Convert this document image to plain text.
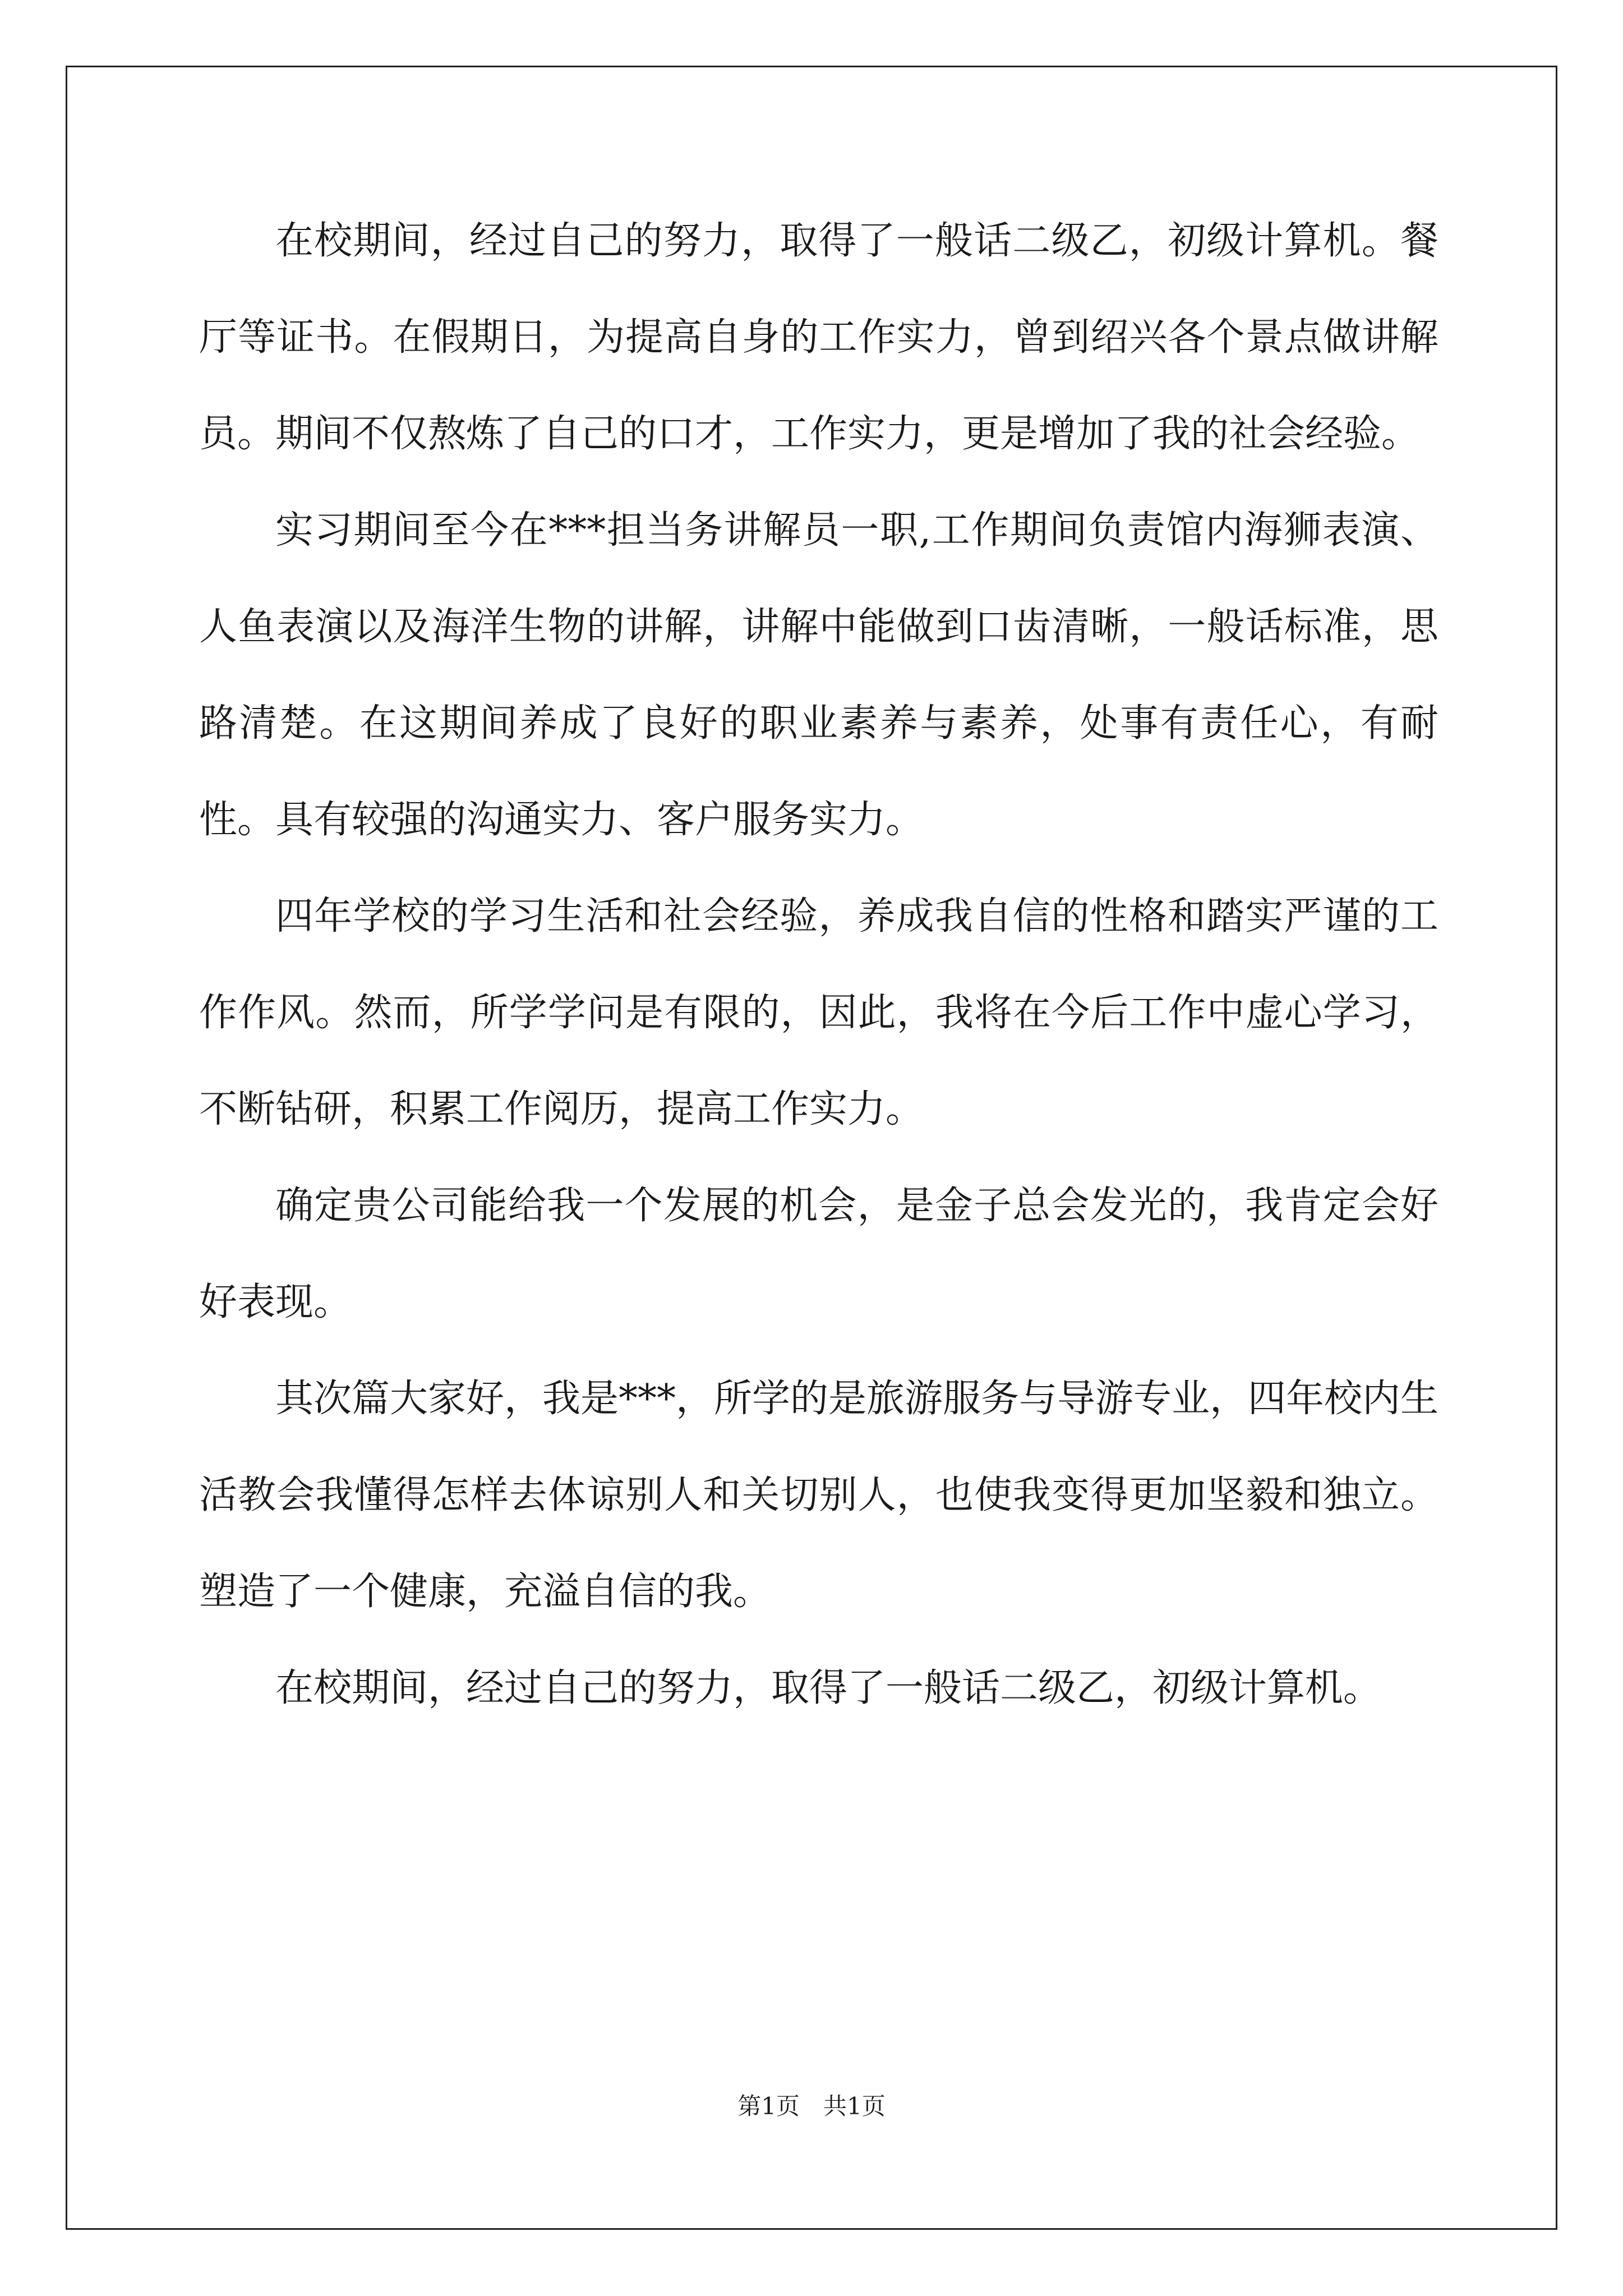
在校期间，经过自己的努力，取得了一般话二级乙，初级计算机。餐厅等证书。在假期日，为提高自身的工作实力，曾到绍兴各个景点做讲解员。期间不仅熬炼了自己的口才，工作实力，更是增加了我的社会经验。

实习期间至今在***担当务讲解员一职,工作期间负责馆内海狮表演、人鱼表演以及海洋生物的讲解，讲解中能做到口齿清晰，一般话标准，思路清楚。在这期间养成了良好的职业素养与素养，处事有责任心，有耐性。具有较强的沟通实力、客户服务实力。

四年学校的学习生活和社会经验，养成我自信的性格和踏实严谨的工作作风。然而，所学学问是有限的，因此，我将在今后工作中虚心学习，不断钻研，积累工作阅历，提高工作实力。

确定贵公司能给我一个发展的机会，是金子总会发光的，我肯定会好好表现。

其次篇大家好，我是***，所学的是旅游服务与导游专业，四年校内生活教会我懂得怎样去体谅别人和关切别人，也使我变得更加坚毅和独立。塑造了一个健康，充溢自信的我。

在校期间，经过自己的努力，取得了一般话二级乙，初级计算机。

第1页　共1页
